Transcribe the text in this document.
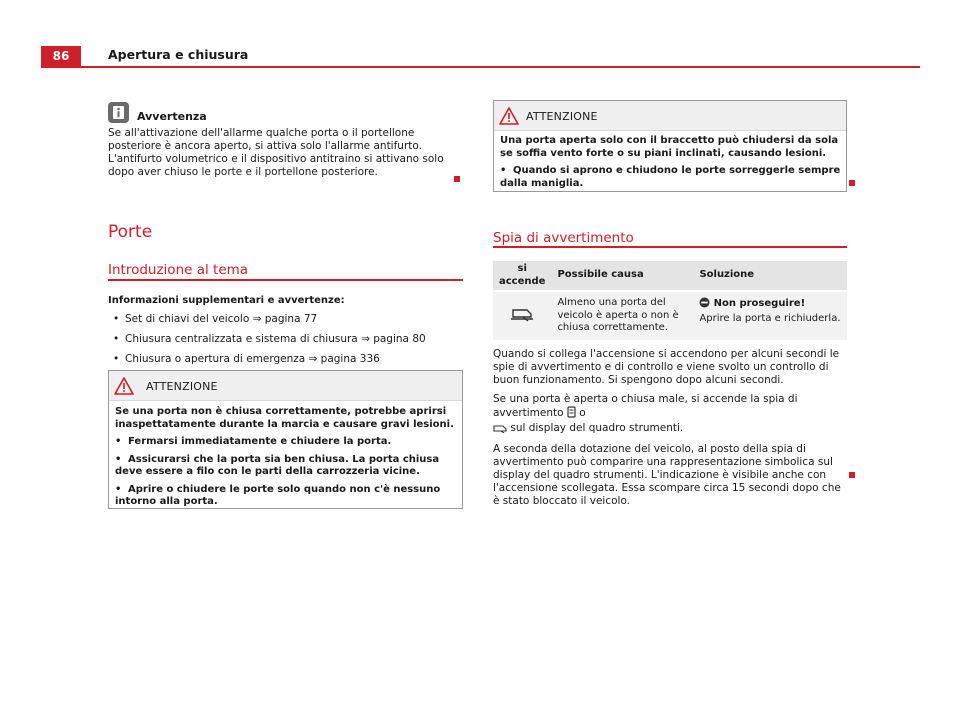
86	Apertura e chiusura
Avvertenza
Se all'attivazione dell'allarme qualche porta o il portellone posteriore è ancora aperto, si attiva solo l'allarme antifurto. L'antifurto volumetrico e il dispositivo antitraino si attivano solo dopo aver chiuso le porte e il portellone posteriore.
Porte
Introduzione al tema
Informazioni supplementari e avvertenze:
• Set di chiavi del veicolo ⇒ pagina 77
• Chiusura centralizzata e sistema di chiusura ⇒ pagina 80
• Chiusura o apertura di emergenza ⇒ pagina 336
ATTENZIONE

Se una porta non è chiusa correttamente, potrebbe aprirsi inaspettatamente durante la marcia e causare gravi lesioni.

• Fermarsi immediatamente e chiudere la porta.

• Assicurarsi che la porta sia ben chiusa. La porta chiusa deve essere a filo con le parti della carrozzeria vicine.

• Aprire o chiudere le porte solo quando non c'è nessuno intorno alla porta.

ATTENZIONE

Una porta aperta solo con il braccetto può chiudersi da sola se soffia vento forte o su piani inclinati, causando lesioni.

• Quando si aprono e chiudono le porte sorreggerle sempre dalla maniglia.

Spia di avvertimento
si accende	Possibile causa	Soluzione
	Almeno una porta del veicolo è aperta o non è chiusa correttamente.	Non proseguire!
Aprire la porta e richiuderla.

Quando si collega l'accensione si accendono per alcuni secondi le spie di avvertimento e di controllo e viene svolto un controllo di buon funzionamento. Si spengono dopo alcuni secondi.

Se una porta è aperta o chiusa male, si accende la spia di avvertimento o
sul display del quadro strumenti.

A seconda della dotazione del veicolo, al posto della spia di avvertimento può comparire una rappresentazione simbolica sul display del quadro strumenti. L'indicazione è visibile anche con l'accensione scollegata. Essa scompare circa 15 secondi dopo che è stato bloccato il veicolo.
